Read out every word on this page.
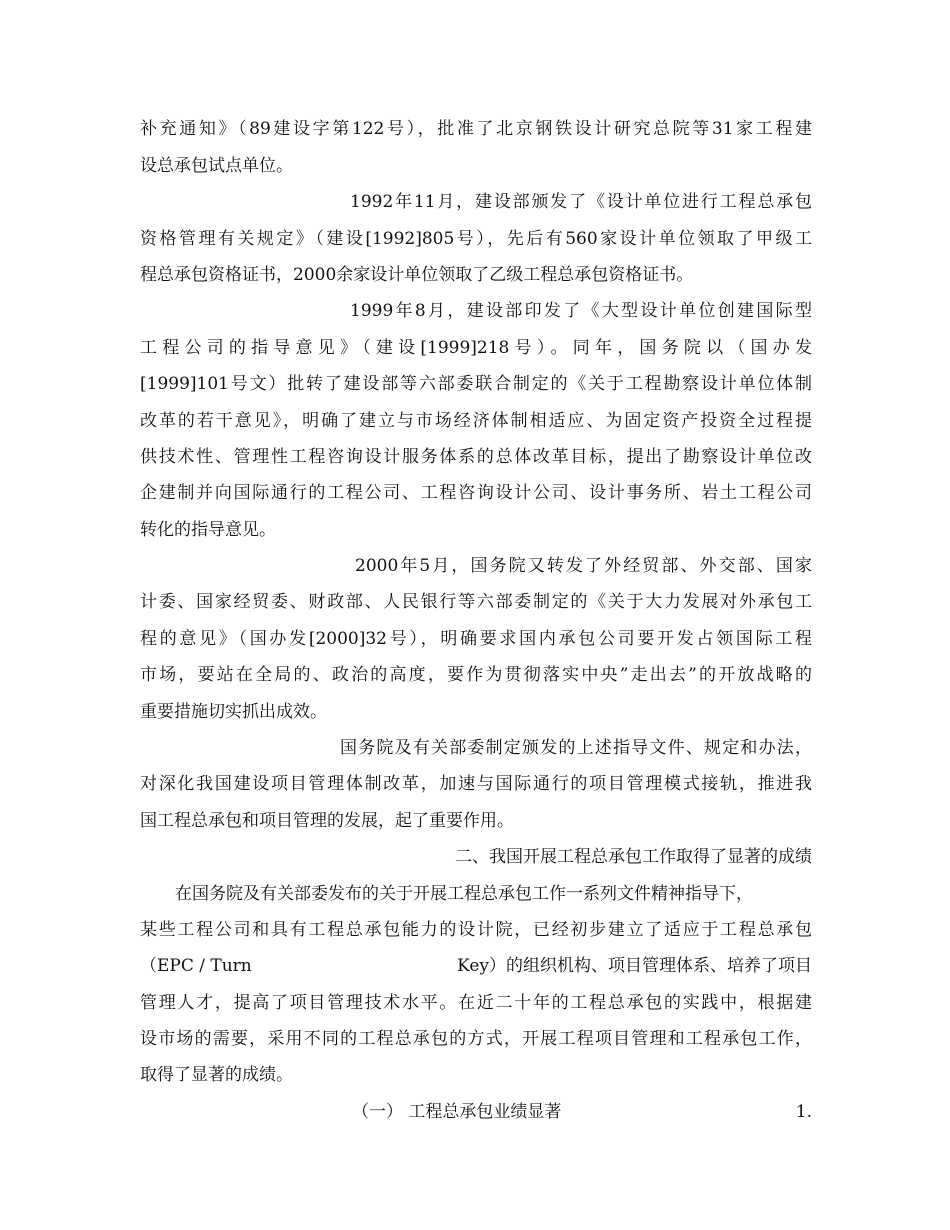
补充通知》（89建设字第122号），批准了北京钢铁设计研究总院等31家工程建
设总承包试点单位。
1992年11月，建设部颁发了《设计单位进行工程总承包
资格管理有关规定》（建设[1992]805号），先后有560家设计单位领取了甲级工
程总承包资格证书，2000余家设计单位领取了乙级工程总承包资格证书。
1999年8月，建设部印发了《大型设计单位创建国际型
工程公司的指导意见》（建设[1999]218号）。同年，国务院以（国办发
[1999]101号文）批转了建设部等六部委联合制定的《关于工程勘察设计单位体制
改革的若干意见》，明确了建立与市场经济体制相适应、为固定资产投资全过程提
供技术性、管理性工程咨询设计服务体系的总体改革目标，提出了勘察设计单位改
企建制并向国际通行的工程公司、工程咨询设计公司、设计事务所、岩土工程公司
转化的指导意见。
2000年5月，国务院又转发了外经贸部、外交部、国家
计委、国家经贸委、财政部、人民银行等六部委制定的《关于大力发展对外承包工
程的意见》（国办发[2000]32号），明确要求国内承包公司要开发占领国际工程
市场，要站在全局的、政治的高度，要作为贯彻落实中央”走出去”的开放战略的
重要措施切实抓出成效。
国务院及有关部委制定颁发的上述指导文件、规定和办法，
对深化我国建设项目管理体制改革，加速与国际通行的项目管理模式接轨，推进我
国工程总承包和项目管理的发展，起了重要作用。
二、我国开展工程总承包工作取得了显著的成绩
在国务院及有关部委发布的关于开展工程总承包工作一系列文件精神指导下，
某些工程公司和具有工程总承包能力的设计院，已经初步建立了适应于工程总承包
（EPC / Turn	Key）的组织机构、项目管理体系、培养了项目
管理人才，提高了项目管理技术水平。在近二十年的工程总承包的实践中，根据建
设市场的需要，采用不同的工程总承包的方式，开展工程项目管理和工程承包工作，
取得了显著的成绩。
（一） 工程总承包业绩显著	1.
